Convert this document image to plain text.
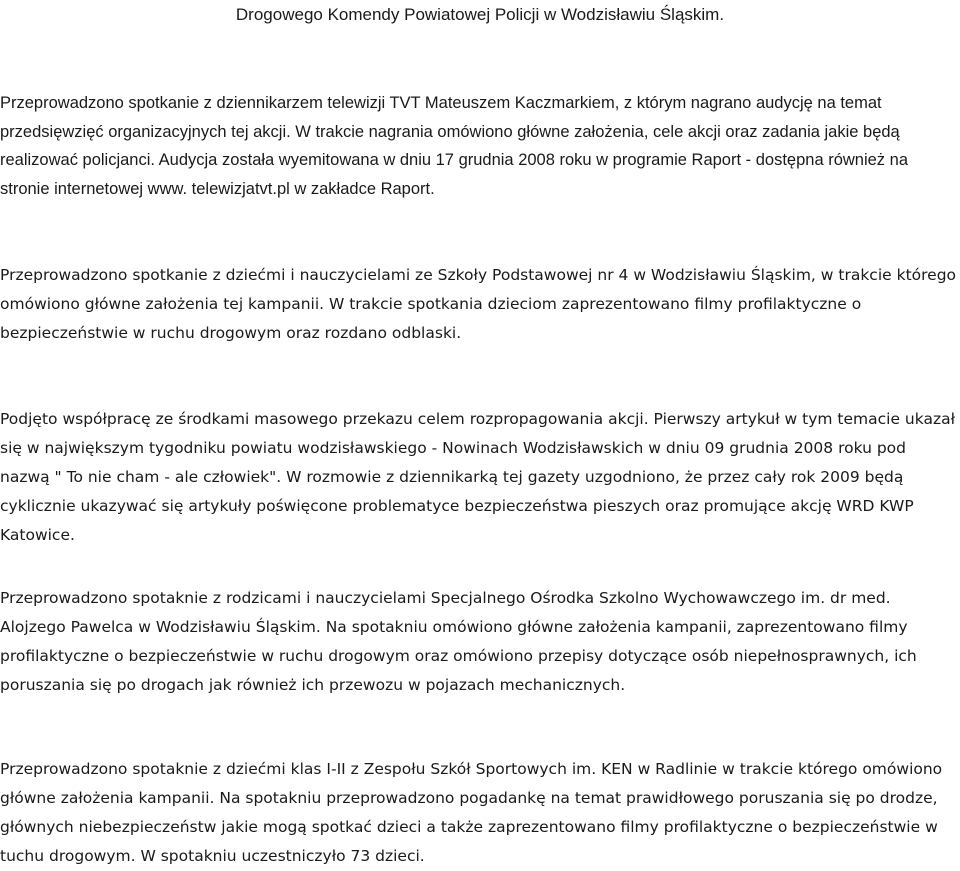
Drogowego Komendy Powiatowej Policji w Wodzisławiu Śląskim.

Przeprowadzono spotkanie z dziennikarzem telewizji TVT Mateuszem Kaczmarkiem, z którym nagrano audycję na temat przedsięwzięć organizacyjnych tej akcji. W trakcie nagrania omówiono główne założenia, cele akcji oraz zadania jakie będą realizować policjanci. Audycja została wyemitowana w dniu 17 grudnia 2008 roku w programie Raport - dostępna również na stronie internetowej www. telewizjatvt.pl w zakładce Raport.

Przeprowadzono spotkanie z dziećmi i nauczycielami ze Szkoły Podstawowej nr 4 w Wodzisławiu Śląskim, w trakcie którego omówiono główne założenia tej kampanii. W trakcie spotkania dzieciom zaprezentowano filmy profilaktyczne o bezpieczeństwie w ruchu drogowym oraz rozdano odblaski.

Podjęto współpracę ze środkami masowego przekazu celem rozpropagowania akcji. Pierwszy artykuł w tym temacie ukazał się w największym tygodniku powiatu wodzisławskiego - Nowinach Wodzisławskich w dniu 09 grudnia 2008 roku pod nazwą " To nie cham - ale człowiek". W rozmowie z dziennikarką tej gazety uzgodniono, że przez cały rok 2009 będą cyklicznie ukazywać się artykuły poświęcone problematyce bezpieczeństwa pieszych oraz promujące akcję WRD KWP Katowice.

Przeprowadzono spotaknie z rodzicami i nauczycielami Specjalnego Ośrodka Szkolno Wychowawczego im. dr med. Alojzego Pawelca w Wodzisławiu Śląskim. Na spotakniu omówiono główne założenia kampanii, zaprezentowano filmy profilaktyczne o bezpieczeństwie w ruchu drogowym oraz omówiono przepisy dotyczące osób niepełnosprawnych, ich poruszania się po drogach jak również ich przewozu w pojazach mechanicznych.

Przeprowadzono spotaknie z dziećmi klas I-II z Zespołu Szkół Sportowych im. KEN w Radlinie w trakcie którego omówiono główne założenia kampanii. Na spotakniu przeprowadzono pogadankę na temat prawidłowego poruszania się po drodze, głównych niebezpieczeństw jakie mogą spotkać dzieci a także zaprezentowano filmy profilaktyczne o bezpieczeństwie w tuchu drogowym. W spotakniu uczestniczyło 73 dzieci.
